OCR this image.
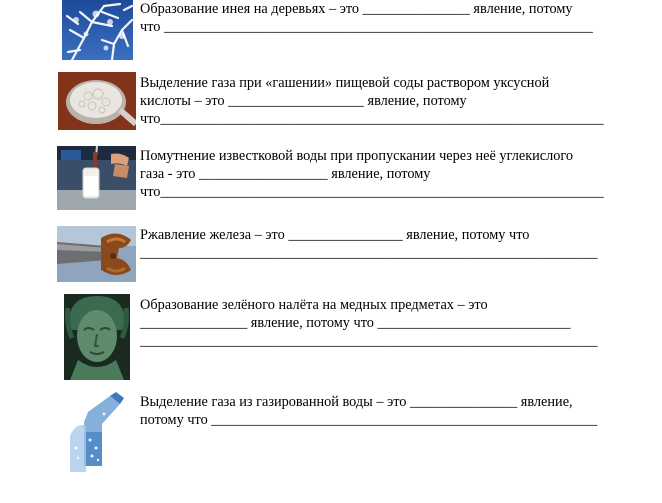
Образование инея на деревьях – это _______________ явление, потому
что ____________________________________________________________
Выделение газа при «гашении» пищевой соды раствором уксусной
кислоты – это ___________________ явление, потому
что______________________________________________________________
Помутнение известковой воды при пропускании через неё углекислого
газа - это __________________ явление, потому
что______________________________________________________________
Ржавление железа – это ________________ явление, потому что
________________________________________________________________
Образование зелёного налёта на медных предметах – это
_______________ явление, потому что ___________________________
________________________________________________________________
Выделение газа из газированной воды – это _______________ явление,
потому что ______________________________________________________
